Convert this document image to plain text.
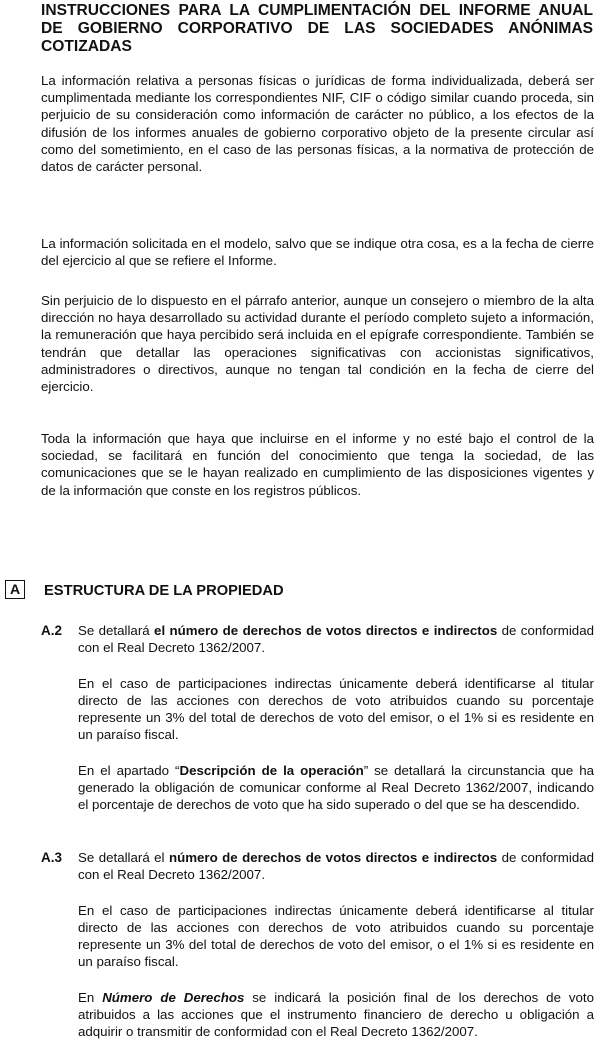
INSTRUCCIONES PARA LA CUMPLIMENTACIÓN DEL INFORME ANUAL DE GOBIERNO CORPORATIVO DE LAS SOCIEDADES ANÓNIMAS COTIZADAS

La información relativa a personas físicas o jurídicas de forma individualizada, deberá ser cumplimentada mediante los correspondientes NIF, CIF o código similar cuando proceda, sin perjuicio de su consideración como información de carácter no público, a los efectos de la difusión de los informes anuales de gobierno corporativo objeto de la presente circular así como del sometimiento, en el caso de las personas físicas, a la normativa de protección de datos de carácter personal.

La información solicitada en el modelo, salvo que se indique otra cosa, es a la fecha de cierre del ejercicio al que se refiere el Informe.

Sin perjuicio de lo dispuesto en el párrafo anterior, aunque un consejero o miembro de la alta dirección no haya desarrollado su actividad durante el período completo sujeto a información, la remuneración que haya percibido será incluida en el epígrafe correspondiente. También se tendrán que detallar las operaciones significativas con accionistas significativos, administradores o directivos, aunque no tengan tal condición en la fecha de cierre del ejercicio.

Toda la información que haya que incluirse en el informe y no esté bajo el control de la sociedad, se facilitará en función del conocimiento que tenga la sociedad, de las comunicaciones que se le hayan realizado en cumplimiento de las disposiciones vigentes y de la información que conste en los registros públicos.

A	ESTRUCTURA DE LA PROPIEDAD
A.2 Se detallará el número de derechos de votos directos e indirectos de conformidad con el Real Decreto 1362/2007.

En el caso de participaciones indirectas únicamente deberá identificarse al titular directo de las acciones con derechos de voto atribuidos cuando su porcentaje represente un 3% del total de derechos de voto del emisor, o el 1% si es residente en un paraíso fiscal.

En el apartado “Descripción de la operación” se detallará la circunstancia que ha generado la obligación de comunicar conforme al Real Decreto 1362/2007, indicando el porcentaje de derechos de voto que ha sido superado o del que se ha descendido.

A.3 Se detallará el número de derechos de votos directos e indirectos de conformidad con el Real Decreto 1362/2007.

En el caso de participaciones indirectas únicamente deberá identificarse al titular directo de las acciones con derechos de voto atribuidos cuando su porcentaje represente un 3% del total de derechos de voto del emisor, o el 1% si es residente en un paraíso fiscal.

En Número de Derechos se indicará la posición final de los derechos de voto atribuidos a las acciones que el instrumento financiero de derecho u obligación a adquirir o transmitir de conformidad con el Real Decreto 1362/2007.
